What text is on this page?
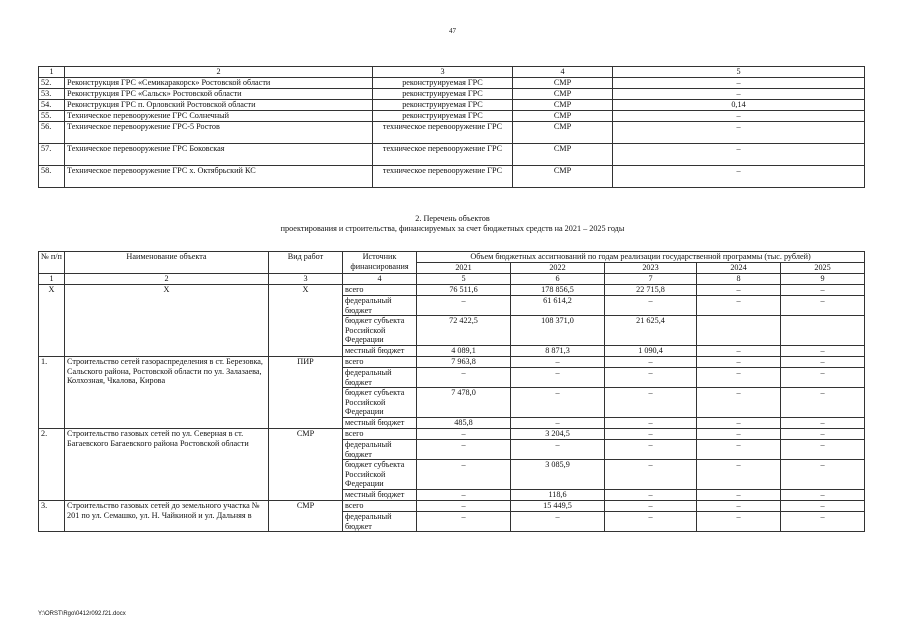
47
1	2	3	4	5
52.	Реконструкция ГРС «Семикаракорск» Ростовской области	реконструируемая ГРС	СМР	–
53.	Реконструкция ГРС «Сальск» Ростовской области	реконструируемая ГРС	СМР	–
54.	Реконструкция ГРС п. Орловский Ростовской области	реконструируемая ГРС	СМР	0,14
55.	Техническое перевооружение ГРС Солнечный	реконструируемая ГРС	СМР	–
56.	Техническое перевооружение ГРС-5 Ростов	техническое перевооружение ГРС	СМР	–
57.	Техническое перевооружение ГРС Боковская	техническое перевооружение ГРС	СМР	–
58.	Техническое перевооружение ГРС х. Октябрьский КС	техническое перевооружение ГРС	СМР	–
2. Перечень объектов
проектирования и строительства, финансируемых за счет бюджетных средств на 2021 – 2025 годы
№ п/п	Наименование объекта	Вид работ	Источник финансирования	Объем бюджетных ассигнований по годам реализации государственной программы (тыс. рублей)				
				2021	2022	2023	2024	2025
1	2	3	4	5	6	7	8	9
Х	Х	Х	всего	76 511,6	178 856,5	22 715,8	–	–
			федеральный бюджет	–	61 614,2	–	–	–
			бюджет субъекта Российской Федерации	72 422,5	108 371,0	21 625,4		
			местный бюджет	4 089,1	8 871,3	1 090,4	–	–
1.	Строительство сетей газораспределения в ст. Березовка, Сальского района, Ростовской области по ул. Залазаева, Колхозная, Чкалова, Кирова	ПИР	всего	7 963,8	–	–	–	–
			федеральный бюджет	–	–	–	–	–
			бюджет субъекта Российской Федерации	7 478,0	–	–	–	–
			местный бюджет	485,8	–	–	–	–
2.	Строительство газовых сетей по ул. Северная в ст. Багаевского Багаевского района Ростовской области	СМР	всего	–	3 204,5	–	–	–
			федеральный бюджет	–	–	–	–	–
			бюджет субъекта Российской Федерации	–	3 085,9	–	–	–
			местный бюджет	–	118,6	–	–	–
3.	Строительство газовых сетей до земельного участка № 201 по ул. Семашко, ул. Н. Чайкиной и ул. Дальняя в	СМР	всего	–	15 449,5	–	–	–
			федеральный бюджет	–	–	–	–	–
Y:\ORST\Rgo\0412r092.f21.docx
